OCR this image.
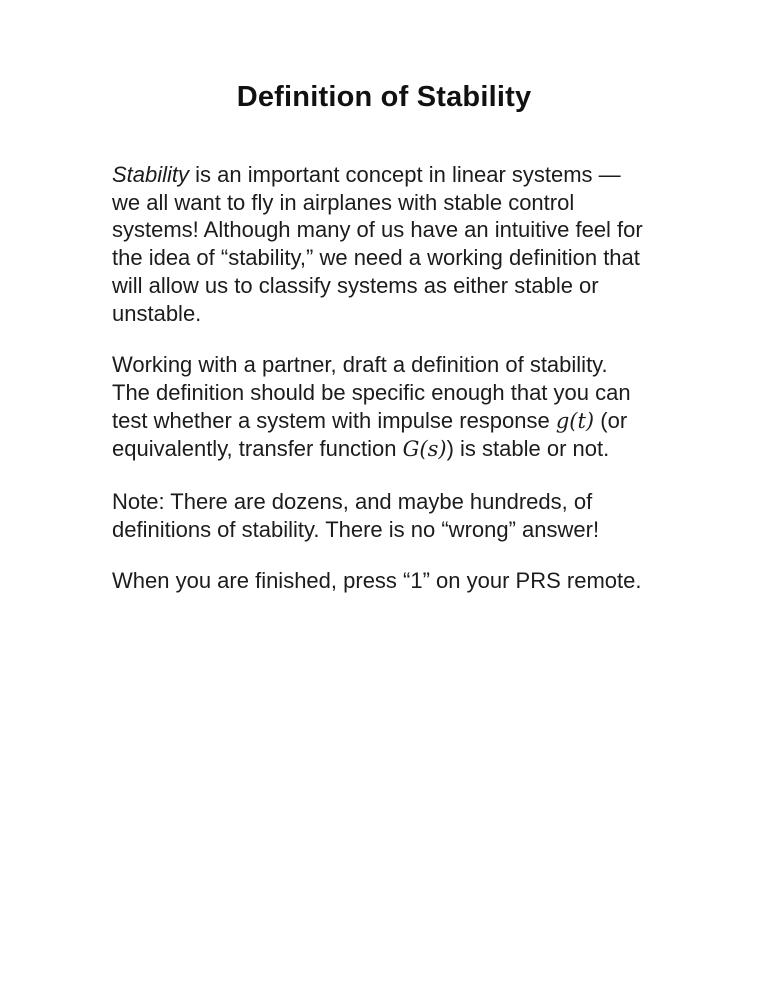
Definition of Stability

Stability is an important concept in linear systems —
we all want to fly in airplanes with stable control
systems! Although many of us have an intuitive feel for
the idea of “stability,” we need a working definition that
will allow us to classify systems as either stable or
unstable.

Working with a partner, draft a definition of stability.
The definition should be specific enough that you can
test whether a system with impulse response g(t) (or
equivalently, transfer function G(s)) is stable or not.

Note: There are dozens, and maybe hundreds, of
definitions of stability. There is no “wrong” answer!

When you are finished, press “1” on your PRS remote.
